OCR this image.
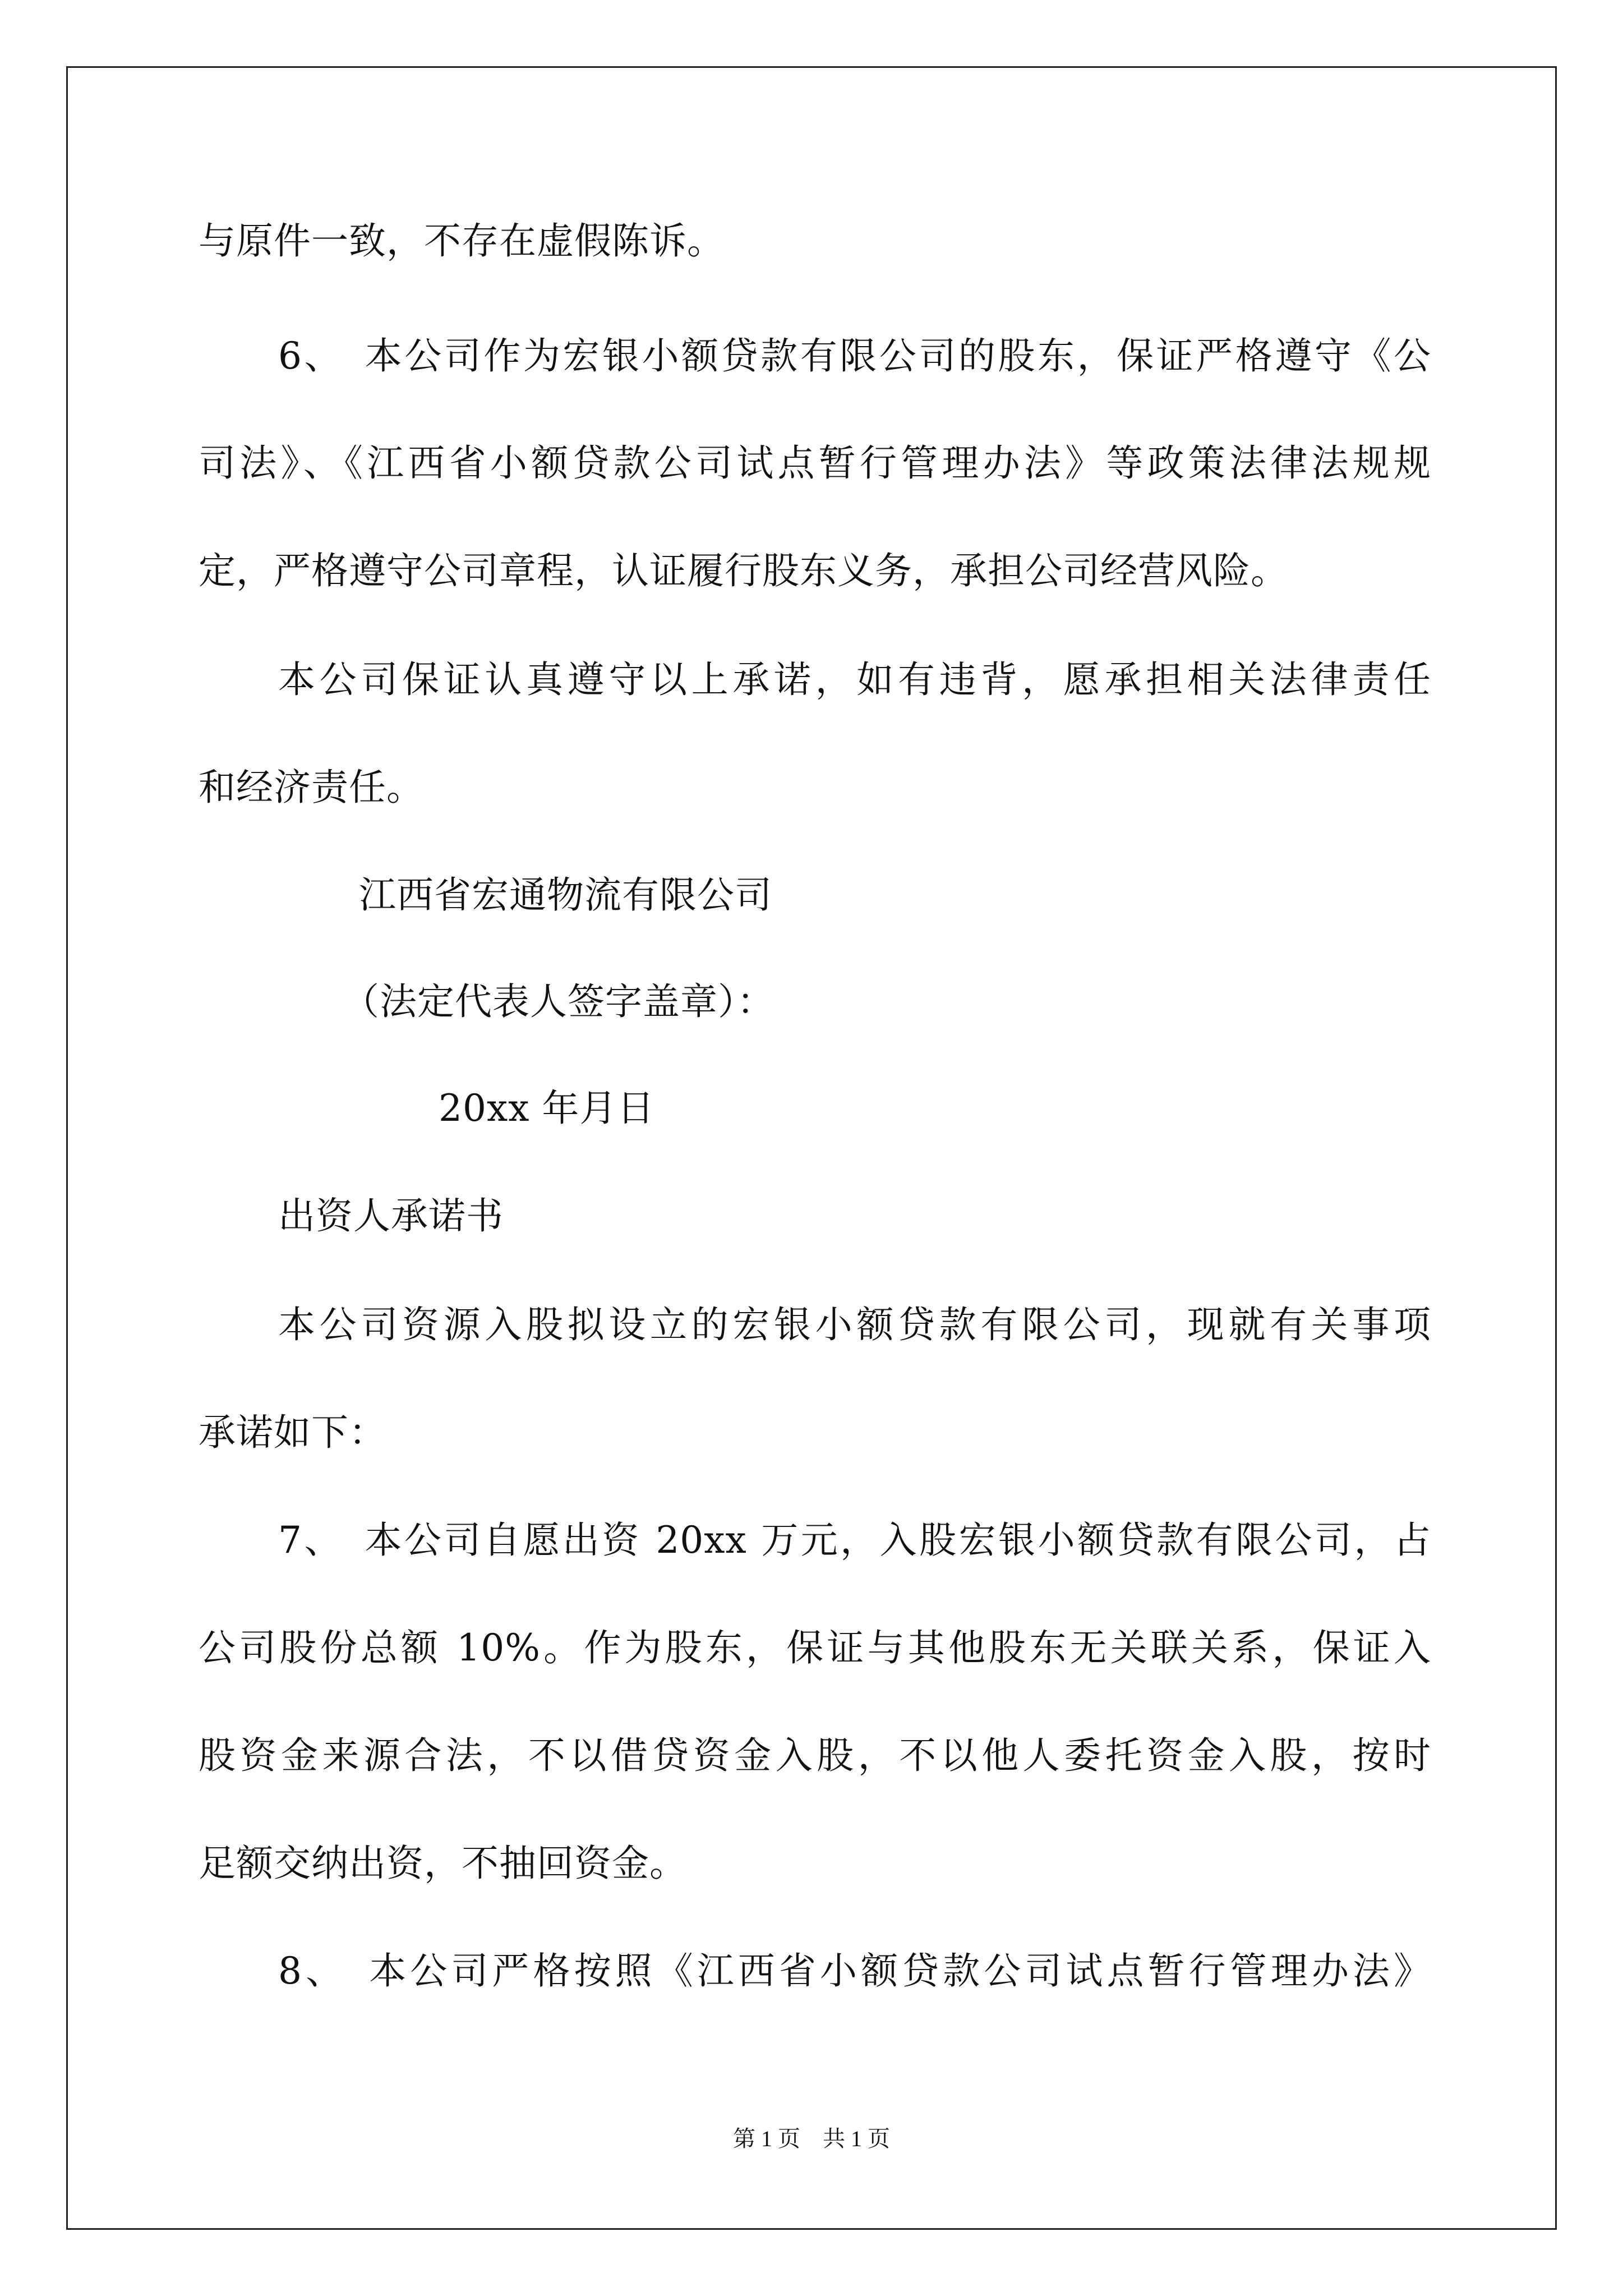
与原件一致，不存在虚假陈诉。
6、　本公司作为宏银小额贷款有限公司的股东，保证严格遵守《公
司法》、《江西省小额贷款公司试点暂行管理办法》等政策法律法规规
定，严格遵守公司章程，认证履行股东义务，承担公司经营风险。
本公司保证认真遵守以上承诺，如有违背，愿承担相关法律责任
和经济责任。
江西省宏通物流有限公司
（法定代表人签字盖章）：
20xx 年月日
出资人承诺书
本公司资源入股拟设立的宏银小额贷款有限公司，现就有关事项
承诺如下：
7、　本公司自愿出资 20xx 万元，入股宏银小额贷款有限公司，占
公司股份总额 10%。作为股东，保证与其他股东无关联关系，保证入
股资金来源合法，不以借贷资金入股，不以他人委托资金入股，按时
足额交纳出资，不抽回资金。
8、　本公司严格按照《江西省小额贷款公司试点暂行管理办法》
第 1 页　共 1 页
